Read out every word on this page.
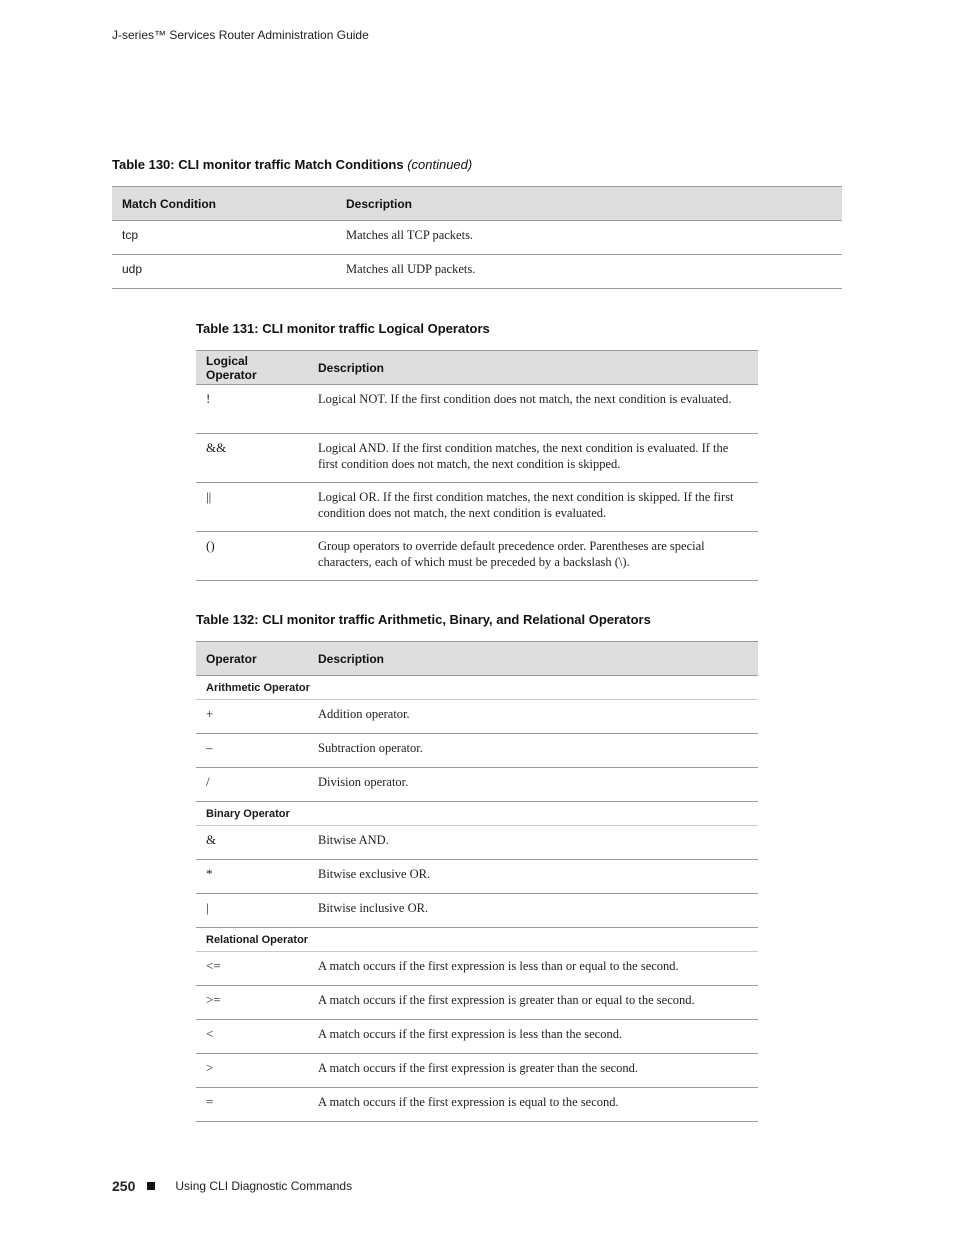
J-series™ Services Router Administration Guide
Table 130: CLI monitor traffic Match Conditions (continued)
Match Condition	Description
tcp	Matches all TCP packets.
udp	Matches all UDP packets.
Table 131: CLI monitor traffic Logical Operators
Logical Operator	Description
!	Logical NOT. If the first condition does not match, the next condition is evaluated.
&&	Logical AND. If the first condition matches, the next condition is evaluated. If the first condition does not match, the next condition is skipped.
||	Logical OR. If the first condition matches, the next condition is skipped. If the first condition does not match, the next condition is evaluated.
()	Group operators to override default precedence order. Parentheses are special characters, each of which must be preceded by a backslash (\).
Table 132: CLI monitor traffic Arithmetic, Binary, and Relational Operators
Operator	Description
Arithmetic Operator	
+	Addition operator.
–	Subtraction operator.
/	Division operator.
Binary Operator	
&	Bitwise AND.
*	Bitwise exclusive OR.
|	Bitwise inclusive OR.
Relational Operator	
<=	A match occurs if the first expression is less than or equal to the second.
>=	A match occurs if the first expression is greater than or equal to the second.
<	A match occurs if the first expression is less than the second.
>	A match occurs if the first expression is greater than the second.
=	A match occurs if the first expression is equal to the second.
250	Using CLI Diagnostic Commands
